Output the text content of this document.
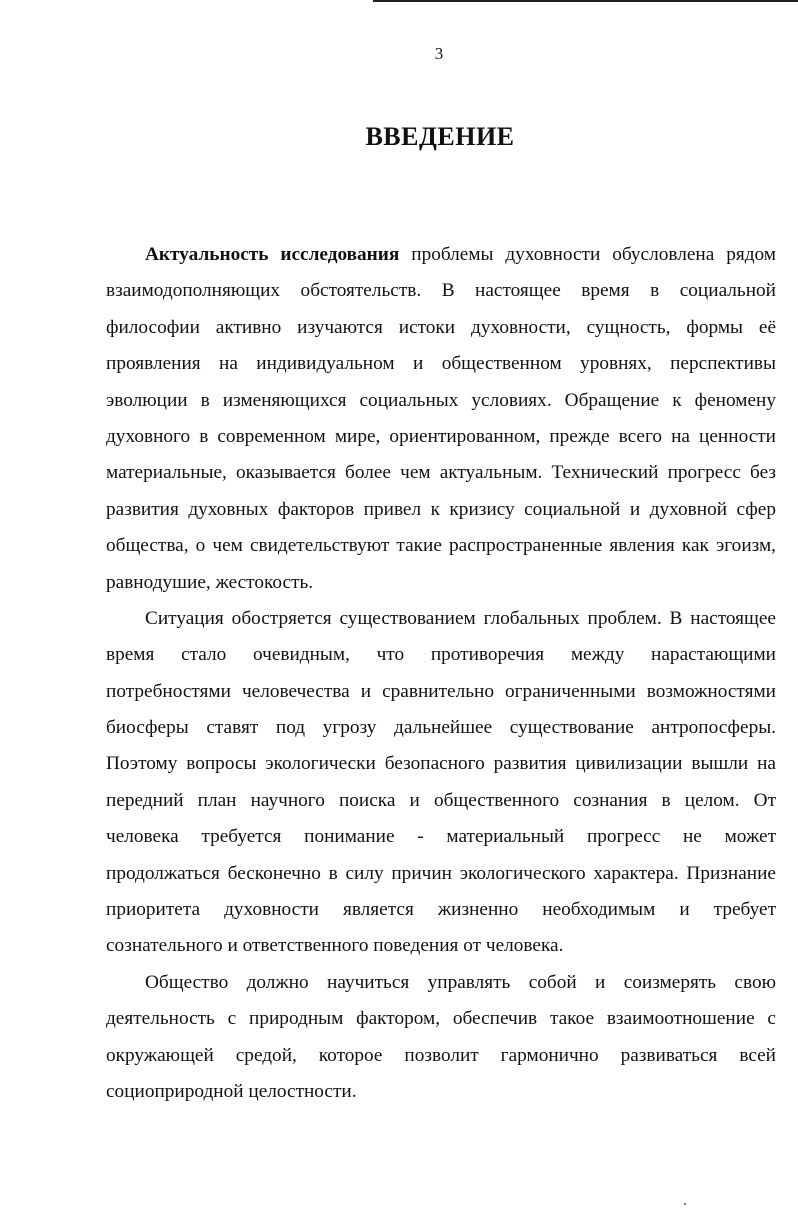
3
ВВЕДЕНИЕ
Актуальность исследования проблемы духовности обусловлена рядом
взаимодополняющих обстоятельств. В настоящее время в социальной
философии активно изучаются истоки духовности, сущность, формы её
проявления на индивидуальном и общественном уровнях, перспективы
эволюции в изменяющихся социальных условиях. Обращение к феномену
духовного в современном мире, ориентированном, прежде всего на ценности
материальные, оказывается более чем актуальным. Технический прогресс без
развития духовных факторов привел к кризису социальной и духовной сфер
общества, о чем свидетельствуют такие распространенные явления как эгоизм,
равнодушие, жестокость.
Ситуация обостряется существованием глобальных проблем. В настоящее
время стало очевидным, что противоречия между нарастающими
потребностями человечества и сравнительно ограниченными возможностями
биосферы ставят под угрозу дальнейшее существование антропосферы.
Поэтому вопросы экологически безопасного развития цивилизации вышли на
передний план научного поиска и общественного сознания в целом. От
человека требуется понимание - материальный прогресс не может
продолжаться бесконечно в силу причин экологического характера. Признание
приоритета духовности является жизненно необходимым и требует
сознательного и ответственного поведения от человека.
Общество должно научиться управлять собой и соизмерять свою
деятельность с природным фактором, обеспечив такое взаимоотношение с
окружающей средой, которое позволит гармонично развиваться всей
социоприродной целостности.
